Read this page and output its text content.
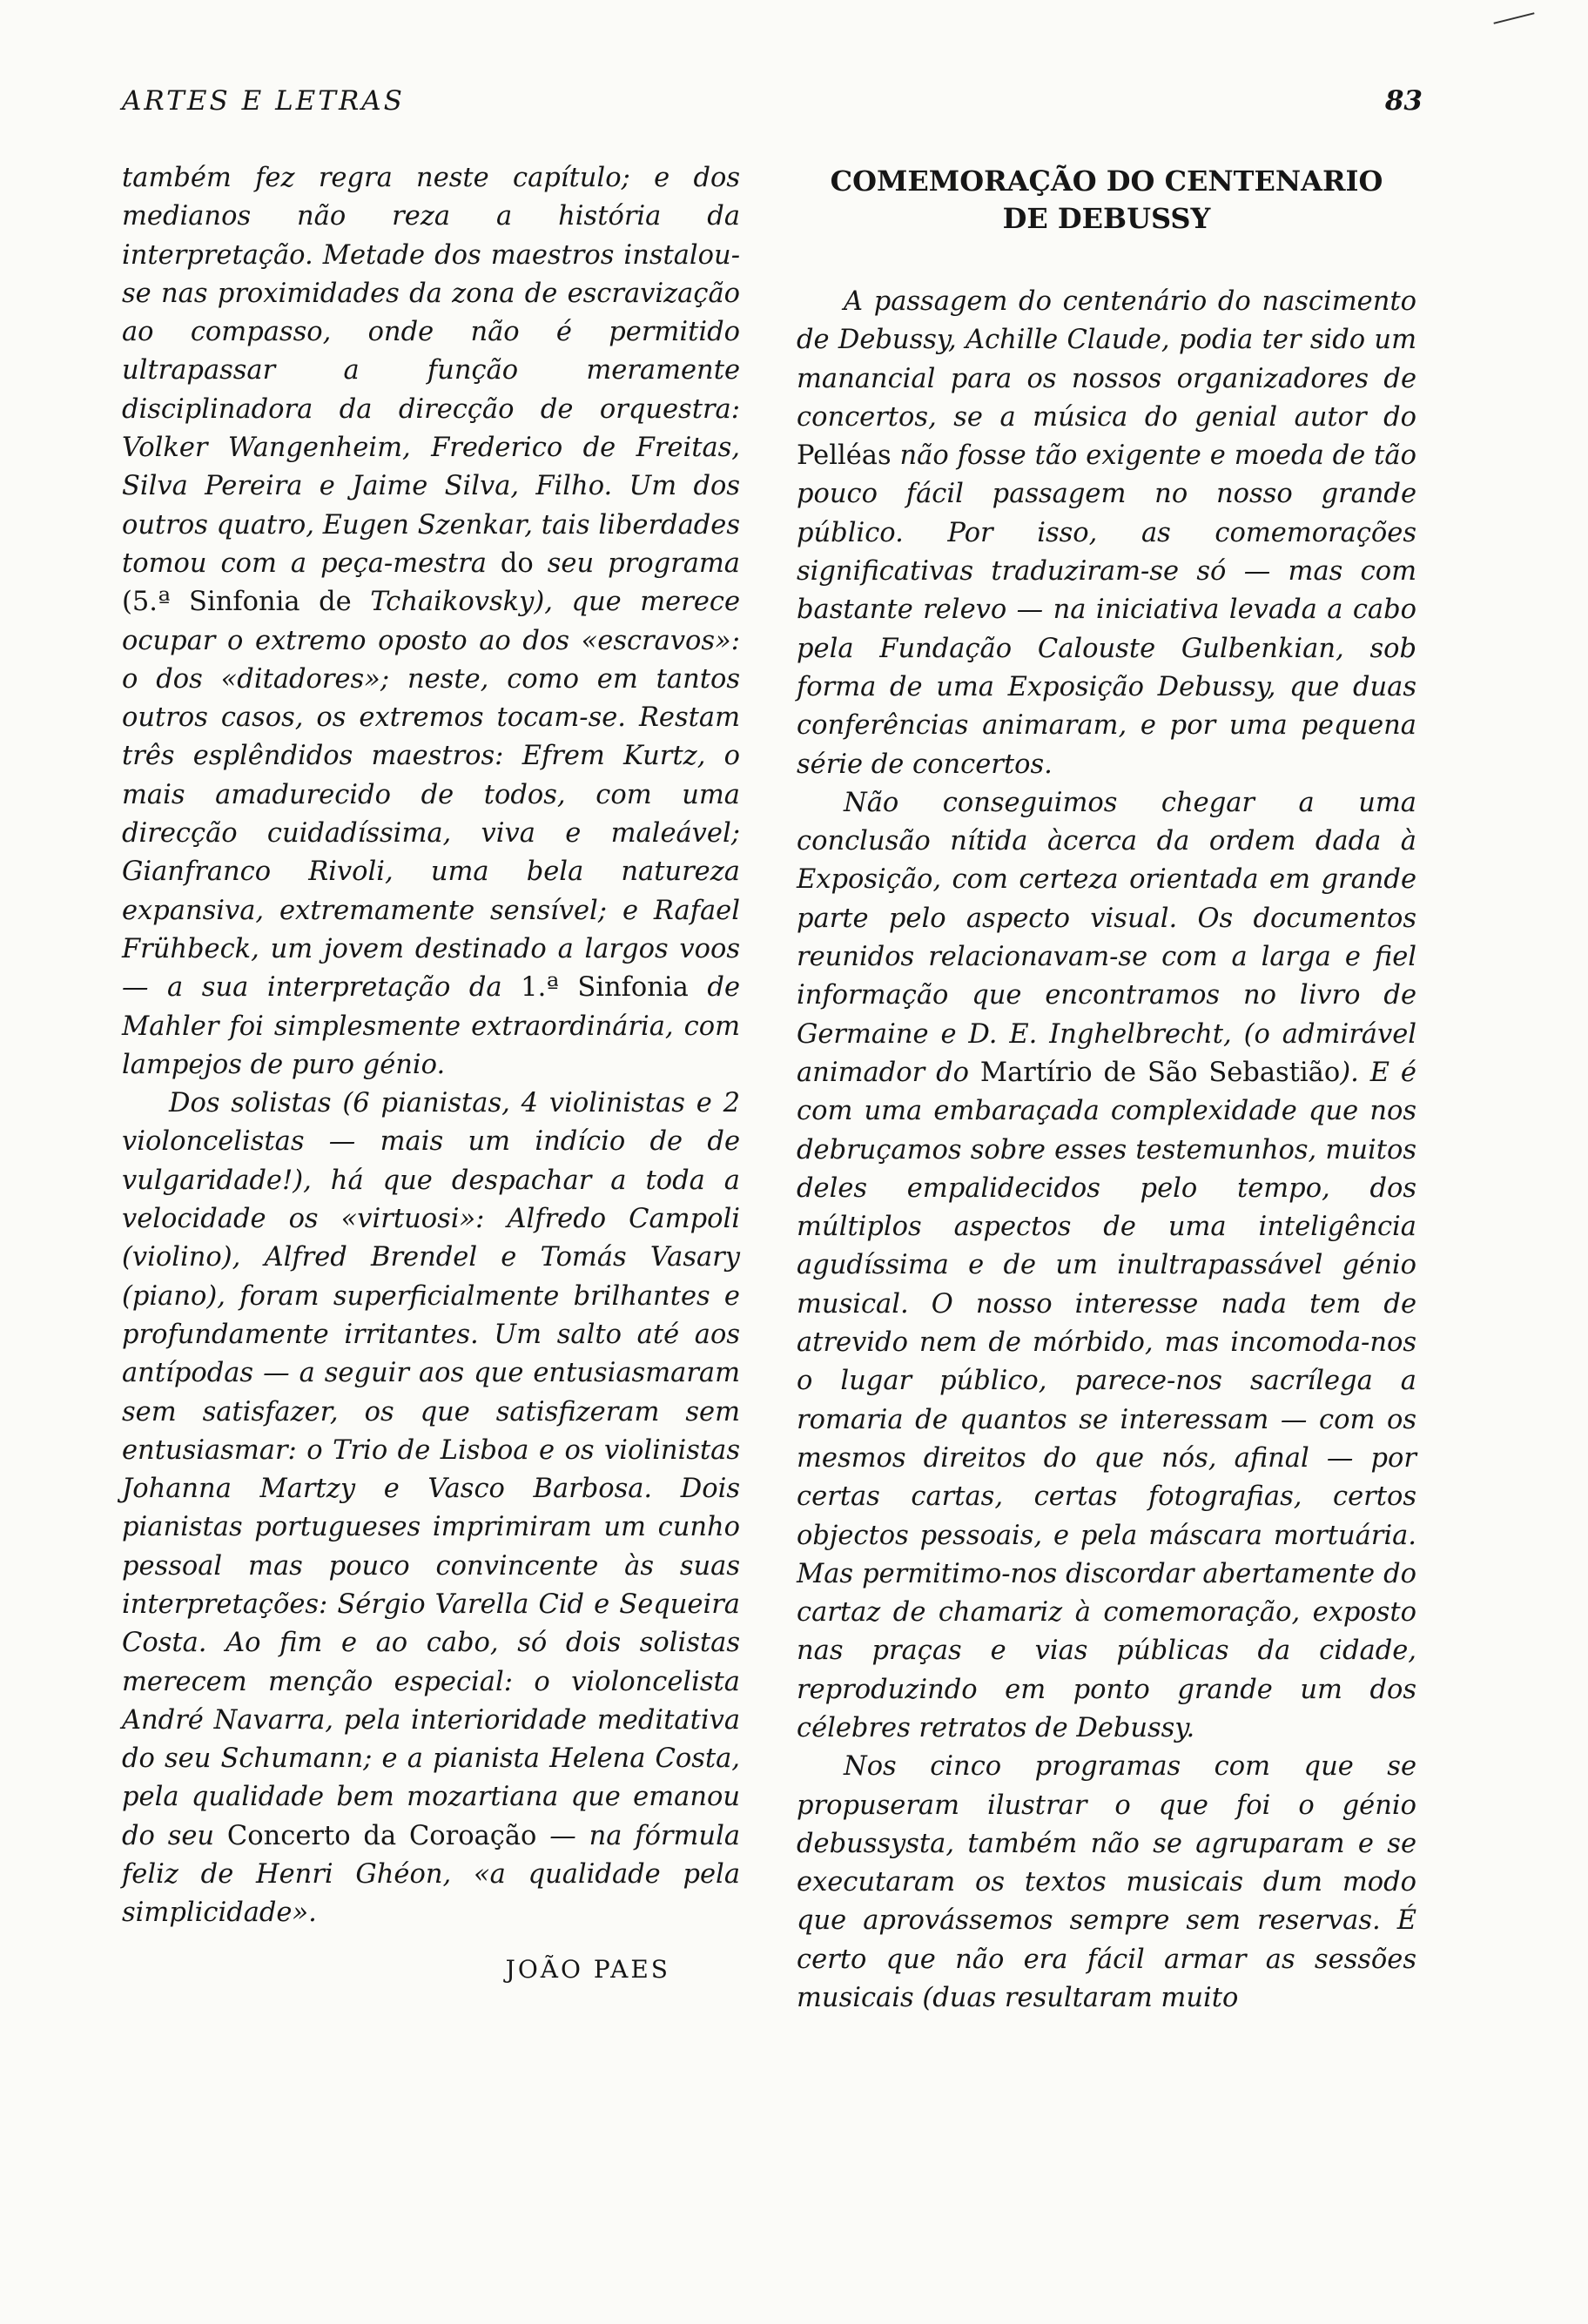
ARTES E LETRAS	83

também fez regra neste capítulo; e dos medianos não reza a história da interpretação. Metade dos maestros instalou-se nas proximidades da zona de escravização ao compasso, onde não é permitido ultrapassar a função meramente disciplinadora da direcção de orquestra: Volker Wangenheim, Frederico de Freitas, Silva Pereira e Jaime Silva, Filho. Um dos outros quatro, Eugen Szenkar, tais liberdades tomou com a peça-mestra do seu programa (5.ª Sinfonia de Tchaikovsky), que merece ocupar o extremo oposto ao dos «escravos»: o dos «ditadores»; neste, como em tantos outros casos, os extremos tocam-se. Restam três esplêndidos maestros: Efrem Kurtz, o mais amadurecido de todos, com uma direcção cuidadíssima, viva e maleável; Gianfranco Rivoli, uma bela natureza expansiva, extremamente sensível; e Rafael Frühbeck, um jovem destinado a largos voos — a sua interpretação da 1.ª Sinfonia de Mahler foi simplesmente extraordinária, com lampejos de puro génio.

Dos solistas (6 pianistas, 4 violinistas e 2 violoncelistas — mais um indício de de vulgaridade!), há que despachar a toda a velocidade os «virtuosi»: Alfredo Campoli (violino), Alfred Brendel e Tomás Vasary (piano), foram superficialmente brilhantes e profundamente irritantes. Um salto até aos antípodas — a seguir aos que entusiasmaram sem satisfazer, os que satisfizeram sem entusiasmar: o Trio de Lisboa e os violinistas Johanna Martzy e Vasco Barbosa. Dois pianistas portugueses imprimiram um cunho pessoal mas pouco convincente às suas interpretações: Sérgio Varella Cid e Sequeira Costa. Ao fim e ao cabo, só dois solistas merecem menção especial: o violoncelista André Navarra, pela interioridade meditativa do seu Schumann; e a pianista Helena Costa, pela qualidade bem mozartiana que emanou do seu Concerto da Coroação — na fórmula feliz de Henri Ghéon, «a qualidade pela simplicidade».

JOÃO PAES

COMEMORAÇÃO DO CENTENARIO
DE DEBUSSY

A passagem do centenário do nascimento de Debussy, Achille Claude, podia ter sido um manancial para os nossos organizadores de concertos, se a música do genial autor do Pelléas não fosse tão exigente e moeda de tão pouco fácil passagem no nosso grande público. Por isso, as comemorações significativas traduziram-se só — mas com bastante relevo — na iniciativa levada a cabo pela Fundação Calouste Gulbenkian, sob forma de uma Exposição Debussy, que duas conferências animaram, e por uma pequena série de concertos.

Não conseguimos chegar a uma conclusão nítida àcerca da ordem dada à Exposição, com certeza orientada em grande parte pelo aspecto visual. Os documentos reunidos relacionavam-se com a larga e fiel informação que encontramos no livro de Germaine e D. E. Inghelbrecht, (o admirável animador do Martírio de São Sebastião). E é com uma embaraçada complexidade que nos debruçamos sobre esses testemunhos, muitos deles empalidecidos pelo tempo, dos múltiplos aspectos de uma inteligência agudíssima e de um inultrapassável génio musical. O nosso interesse nada tem de atrevido nem de mórbido, mas incomoda-nos o lugar público, parece-nos sacrílega a romaria de quantos se interessam — com os mesmos direitos do que nós, afinal — por certas cartas, certas fotografias, certos objectos pessoais, e pela máscara mortuária. Mas permitimo-nos discordar abertamente do cartaz de chamariz à comemoração, exposto nas praças e vias públicas da cidade, reproduzindo em ponto grande um dos célebres retratos de Debussy.

Nos cinco programas com que se propuseram ilustrar o que foi o génio debussysta, também não se agruparam e se executaram os textos musicais dum modo que aprovássemos sempre sem reservas. É certo que não era fácil armar as sessões musicais (duas resultaram muito
